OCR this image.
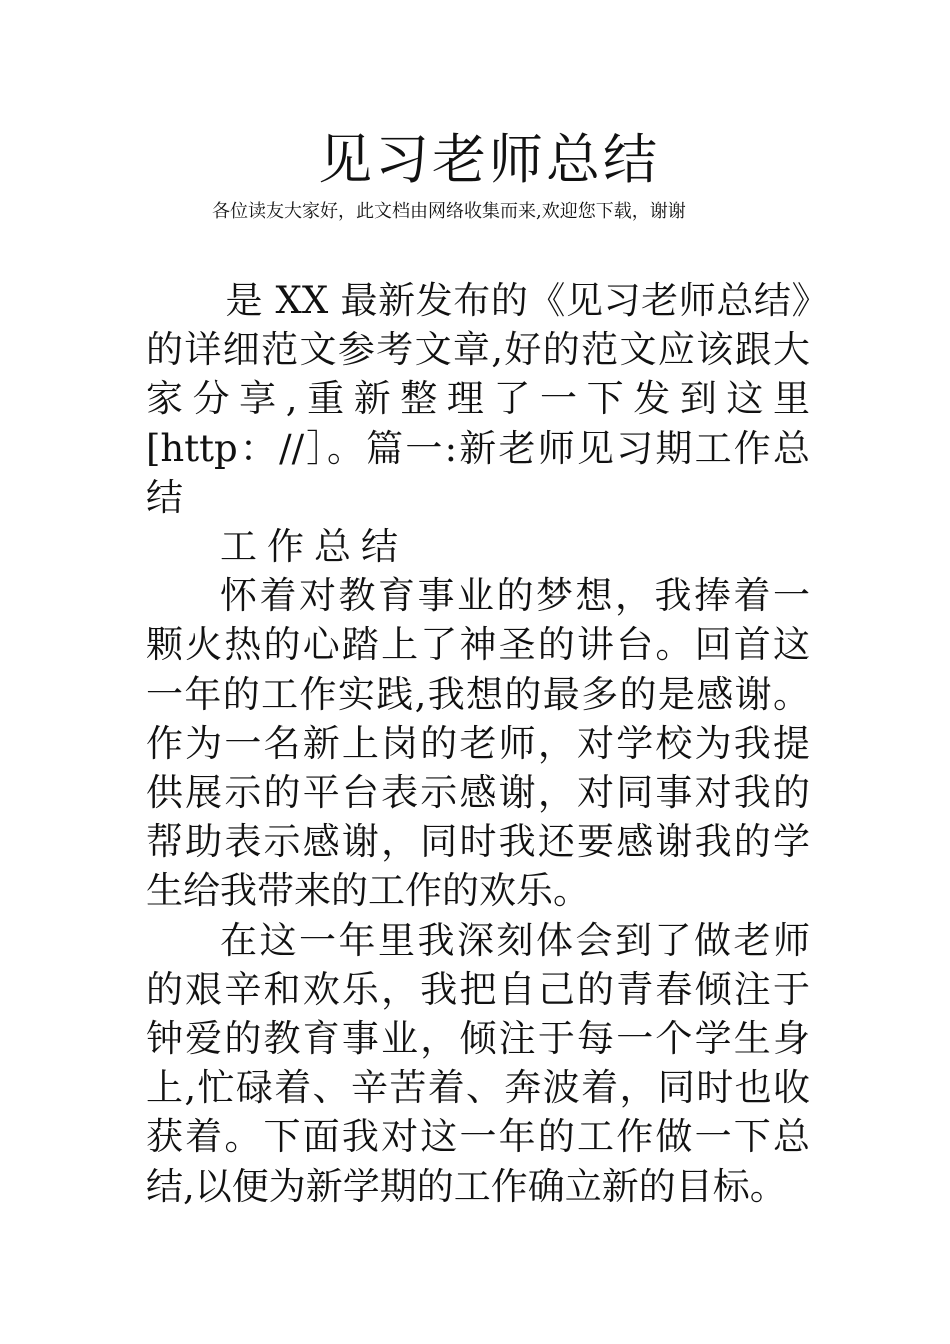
见习老师总结
各位读友大家好，此文档由网络收集而来,欢迎您下载，谢谢

是 XX 最新发布的《见习老师总结》的详细范文参考文章,好的范文应该跟大家分享,重新整理了一下发到这里[http：//］。篇一:新老师见习期工作总结

工作总结

怀着对教育事业的梦想，我捧着一颗火热的心踏上了神圣的讲台。回首这一年的工作实践,我想的最多的是感谢。作为一名新上岗的老师，对学校为我提供展示的平台表示感谢，对同事对我的帮助表示感谢，同时我还要感谢我的学生给我带来的工作的欢乐。

在这一年里我深刻体会到了做老师的艰辛和欢乐，我把自己的青春倾注于钟爱的教育事业，倾注于每一个学生身上,忙碌着、辛苦着、奔波着，同时也收获着。下面我对这一年的工作做一下总结,以便为新学期的工作确立新的目标。
